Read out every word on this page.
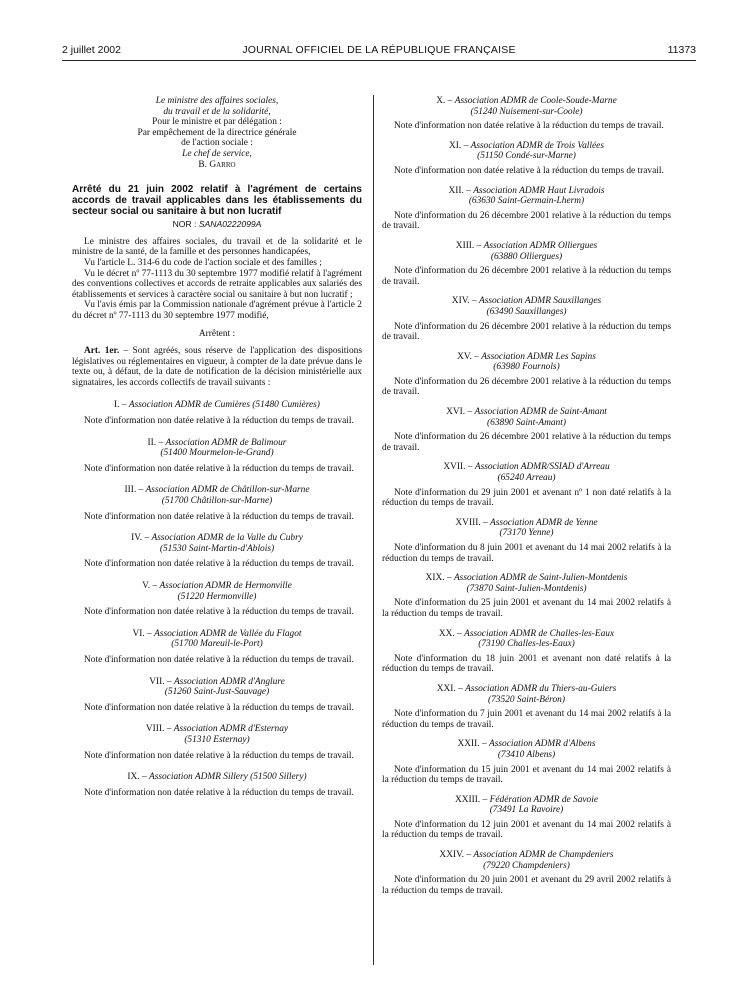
2 juillet 2002	JOURNAL OFFICIEL DE LA RÉPUBLIQUE FRANÇAISE	11373
Le ministre des affaires sociales,
du travail et de la solidarité,
Pour le ministre et par délégation :
Par empêchement de la directrice générale
de l'action sociale :
Le chef de service,
B. Garro
Arrêté du 21 juin 2002 relatif à l'agrément de certains accords de travail applicables dans les établissements du secteur social ou sanitaire à but non lucratif
NOR : SANA0222099A

Le ministre des affaires sociales, du travail et de la solidarité et le ministre de la santé, de la famille et des personnes handicapées,

Vu l'article L. 314-6 du code de l'action sociale et des familles ;

Vu le décret nº 77-1113 du 30 septembre 1977 modifié relatif à l'agrément des conventions collectives et accords de retraite applicables aux salariés des établissements et services à caractère social ou sanitaire à but non lucratif ;

Vu l'avis émis par la Commission nationale d'agrément prévue à l'article 2 du décret nº 77-1113 du 30 septembre 1977 modifié,

Arrêtent :

Art. 1er. – Sont agréés, sous réserve de l'application des dispositions législatives ou réglementaires en vigueur, à compter de la date prévue dans le texte ou, à défaut, de la date de notification de la décision ministérielle aux signataires, les accords collectifs de travail suivants :

I. – Association ADMR de Cumières (51480 Cumières)

Note d'information non datée relative à la réduction du temps de travail.

II. – Association ADMR de Balimour
(51400 Mourmelon-le-Grand)

Note d'information non datée relative à la réduction du temps de travail.

III. – Association ADMR de Châtillon-sur-Marne
(51700 Châtillon-sur-Marne)

Note d'information non datée relative à la réduction du temps de travail.

IV. – Association ADMR de la Valle du Cubry
(51530 Saint-Martin-d'Ablois)

Note d'information non datée relative à la réduction du temps de travail.

V. – Association ADMR de Hermonville
(51220 Hermonville)

Note d'information non datée relative à la réduction du temps de travail.

VI. – Association ADMR de Vallée du Flagot
(51700 Mareuil-le-Port)

Note d'information non datée relative à la réduction du temps de travail.

VII. – Association ADMR d'Anglure
(51260 Saint-Just-Sauvage)

Note d'information non datée relative à la réduction du temps de travail.

VIII. – Association ADMR d'Esternay
(51310 Esternay)

Note d'information non datée relative à la réduction du temps de travail.

IX. – Association ADMR Sillery (51500 Sillery)

Note d'information non datée relative à la réduction du temps de travail.

X. – Association ADMR de Coole-Soude-Marne
(51240 Nuisement-sur-Coole)

Note d'information non datée relative à la réduction du temps de travail.

XI. – Association ADMR de Trois Vallées
(51150 Condé-sur-Marne)

Note d'information non datée relative à la réduction du temps de travail.

XII. – Association ADMR Haut Livradois
(63630 Saint-Germain-Lherm)

Note d'information du 26 décembre 2001 relative à la réduction du temps de travail.

XIII. – Association ADMR Olliergues
(63880 Olliergues)

Note d'information du 26 décembre 2001 relative à la réduction du temps de travail.

XIV. – Association ADMR Sauxillanges
(63490 Sauxillanges)

Note d'information du 26 décembre 2001 relative à la réduction du temps de travail.

XV. – Association ADMR Les Sapins
(63980 Fournols)

Note d'information du 26 décembre 2001 relative à la réduction du temps de travail.

XVI. – Association ADMR de Saint-Amant
(63890 Saint-Amant)

Note d'information du 26 décembre 2001 relative à la réduction du temps de travail.

XVII. – Association ADMR/SSIAD d'Arreau
(65240 Arreau)

Note d'information du 29 juin 2001 et avenant nº 1 non daté relatifs à la réduction du temps de travail.

XVIII. – Association ADMR de Yenne
(73170 Yenne)

Note d'information du 8 juin 2001 et avenant du 14 mai 2002 relatifs à la réduction du temps de travail.

XIX. – Association ADMR de Saint-Julien-Montdenis
(73870 Saint-Julien-Montdenis)

Note d'information du 25 juin 2001 et avenant du 14 mai 2002 relatifs à la réduction du temps de travail.

XX. – Association ADMR de Challes-les-Eaux
(73190 Challes-les-Eaux)

Note d'information du 18 juin 2001 et avenant non daté relatifs à la réduction du temps de travail.

XXI. – Association ADMR du Thiers-au-Guiers
(73520 Saint-Béron)

Note d'information du 7 juin 2001 et avenant du 14 mai 2002 relatifs à la réduction du temps de travail.

XXII. – Association ADMR d'Albens
(73410 Albens)

Note d'information du 15 juin 2001 et avenant du 14 mai 2002 relatifs à la réduction du temps de travail.

XXIII. – Fédération ADMR de Savoie
(73491 La Ravoire)

Note d'information du 12 juin 2001 et avenant du 14 mai 2002 relatifs à la réduction du temps de travail.

XXIV. – Association ADMR de Champdeniers
(79220 Champdeniers)

Note d'information du 20 juin 2001 et avenant du 29 avril 2002 relatifs à la réduction du temps de travail.
